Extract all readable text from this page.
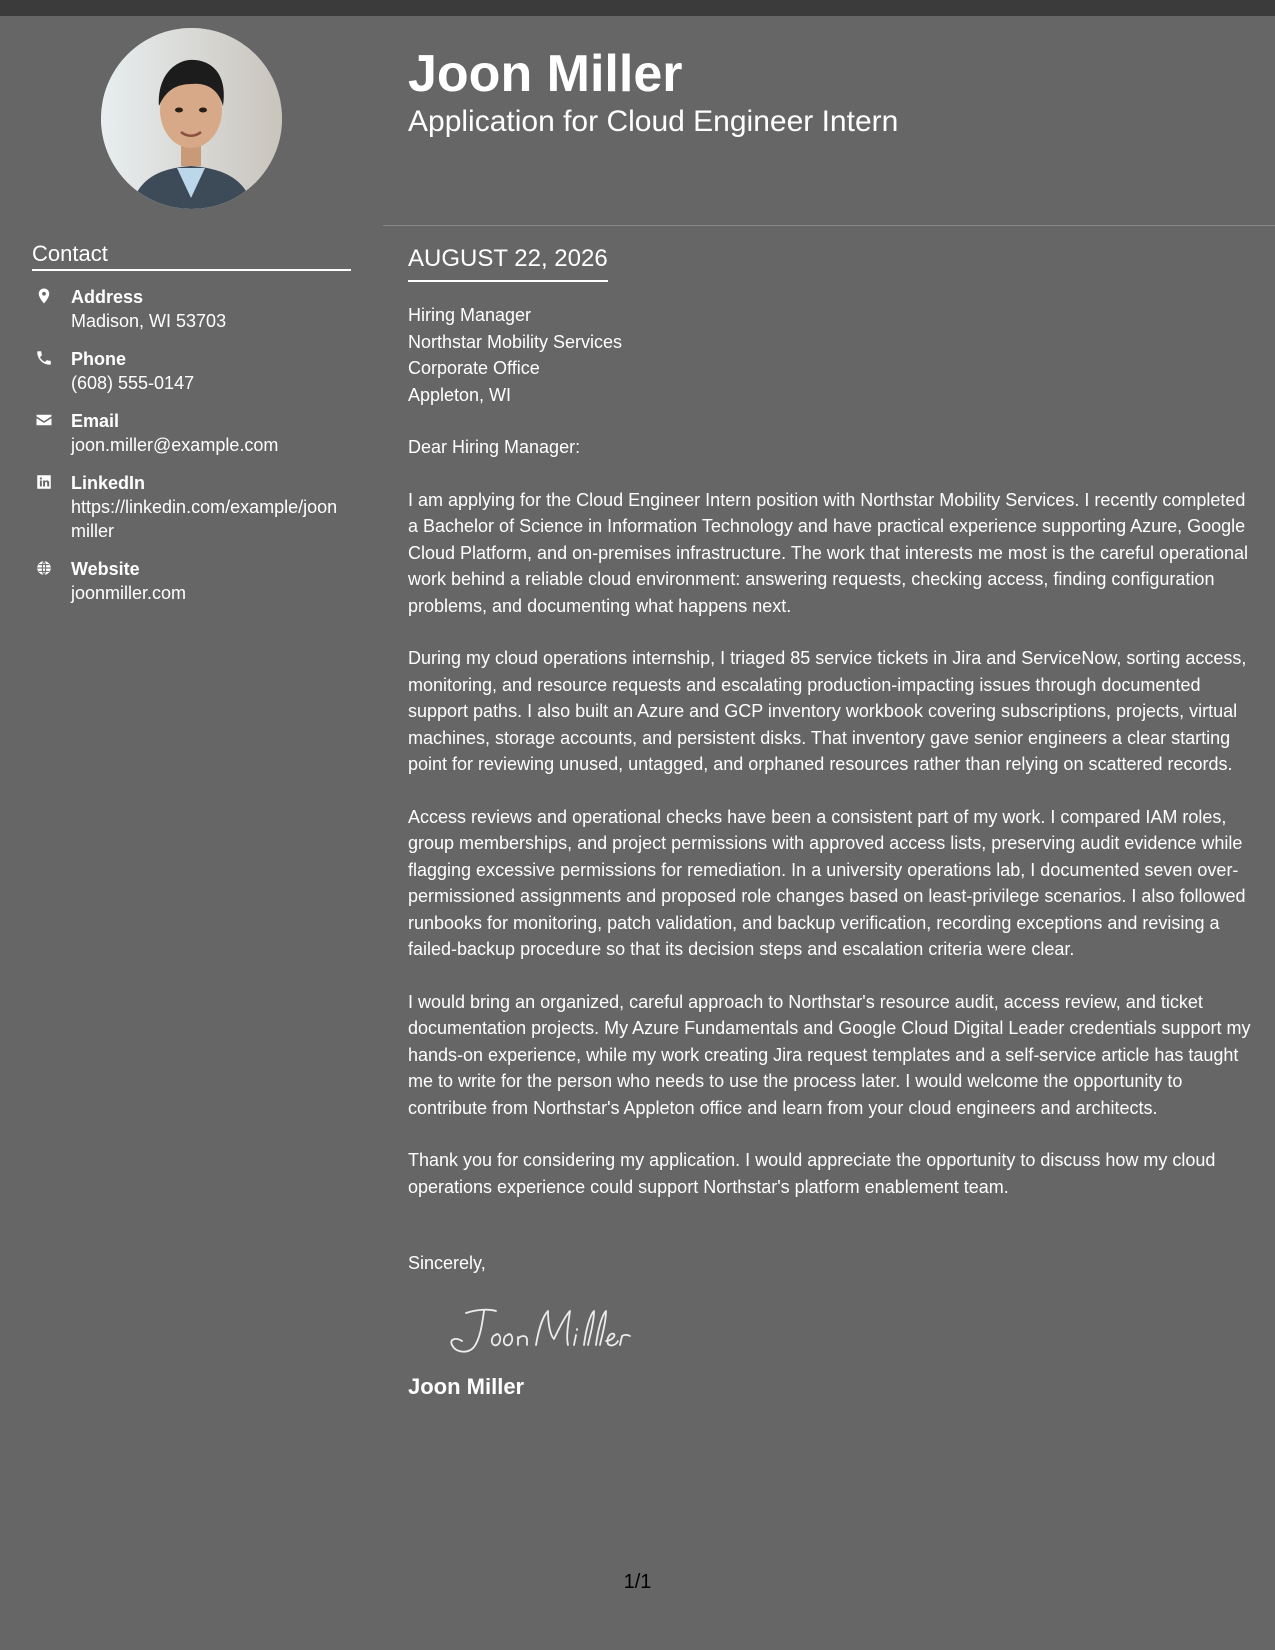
Contact
Address
Madison, WI 53703
Phone
(608) 555-0147
Email
joon.miller@example.com
LinkedIn
https://linkedin.com/example/joonmiller
Website
joonmiller.com
Joon Miller
Application for Cloud Engineer Intern
AUGUST 22, 2026
Hiring Manager
Northstar Mobility Services
Corporate Office
Appleton, WI

Dear Hiring Manager:

I am applying for the Cloud Engineer Intern position with Northstar Mobility Services. I recently completed a Bachelor of Science in Information Technology and have practical experience supporting Azure, Google Cloud Platform, and on-premises infrastructure. The work that interests me most is the careful operational work behind a reliable cloud environment: answering requests, checking access, finding configuration problems, and documenting what happens next.

During my cloud operations internship, I triaged 85 service tickets in Jira and ServiceNow, sorting access, monitoring, and resource requests and escalating production-impacting issues through documented support paths. I also built an Azure and GCP inventory workbook covering subscriptions, projects, virtual machines, storage accounts, and persistent disks. That inventory gave senior engineers a clear starting point for reviewing unused, untagged, and orphaned resources rather than relying on scattered records.

Access reviews and operational checks have been a consistent part of my work. I compared IAM roles, group memberships, and project permissions with approved access lists, preserving audit evidence while flagging excessive permissions for remediation. In a university operations lab, I documented seven over-permissioned assignments and proposed role changes based on least-privilege scenarios. I also followed runbooks for monitoring, patch validation, and backup verification, recording exceptions and revising a failed-backup procedure so that its decision steps and escalation criteria were clear.

I would bring an organized, careful approach to Northstar's resource audit, access review, and ticket documentation projects. My Azure Fundamentals and Google Cloud Digital Leader credentials support my hands-on experience, while my work creating Jira request templates and a self-service article has taught me to write for the person who needs to use the process later. I would welcome the opportunity to contribute from Northstar's Appleton office and learn from your cloud engineers and architects.

Thank you for considering my application. I would appreciate the opportunity to discuss how my cloud operations experience could support Northstar's platform enablement team.

Sincerely,

Joon Miller

1/1
